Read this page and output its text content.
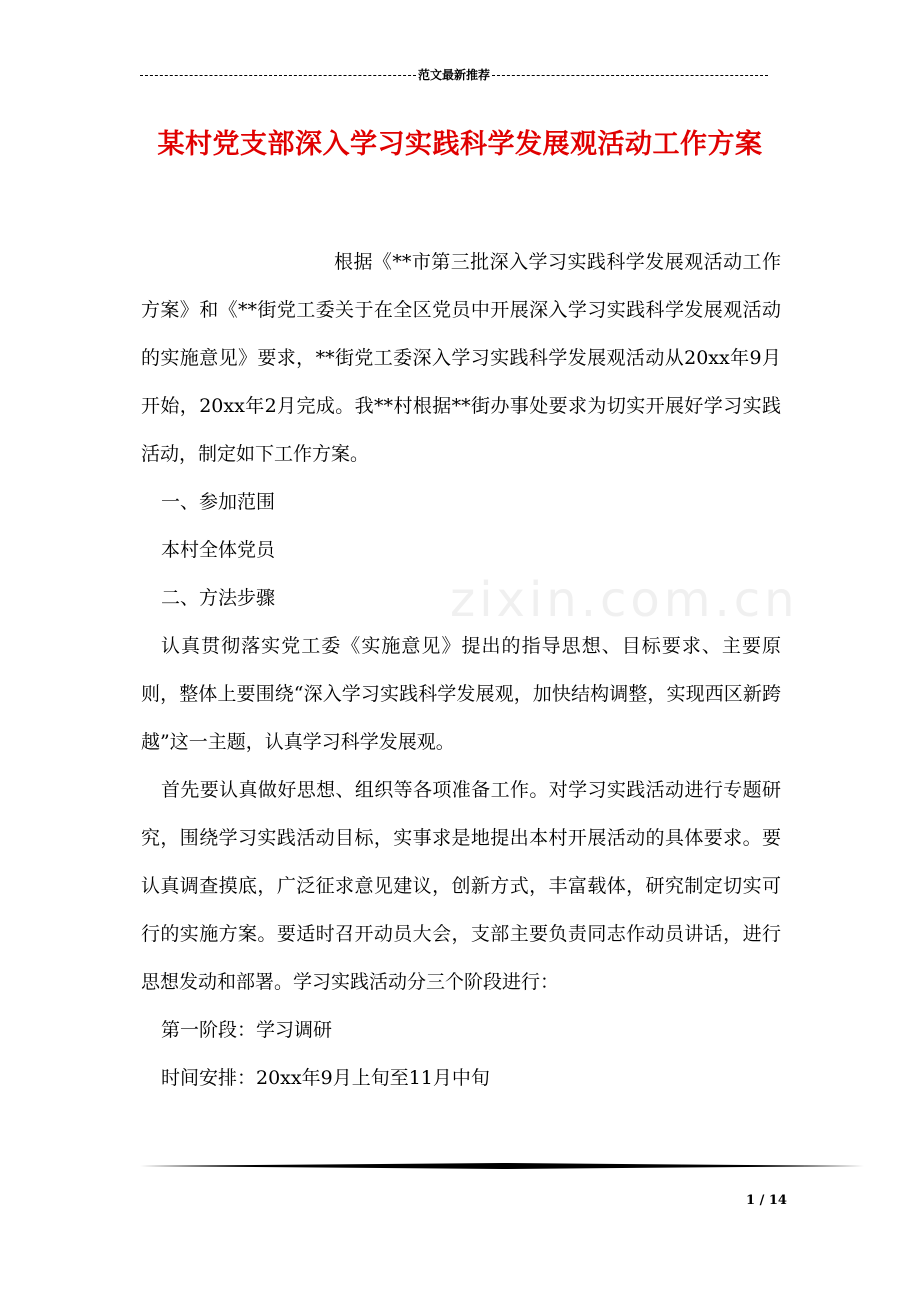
范文最新推荐
某村党支部深入学习实践科学发展观活动工作方案
zixin.com.cn

根据《**市第三批深入学习实践科学发展观活动工作方案》和《**街党工委关于在全区党员中开展深入学习实践科学发展观活动的实施意见》要求，**街党工委深入学习实践科学发展观活动从20xx年9月开始，20xx年2月完成。我**村根据**街办事处要求为切实开展好学习实践活动，制定如下工作方案。

一、参加范围

本村全体党员

二、方法步骤

认真贯彻落实党工委《实施意见》提出的指导思想、目标要求、主要原则，整体上要围绕“深入学习实践科学发展观，加快结构调整，实现西区新跨越”这一主题，认真学习科学发展观。

首先要认真做好思想、组织等各项准备工作。对学习实践活动进行专题研究，围绕学习实践活动目标，实事求是地提出本村开展活动的具体要求。要认真调查摸底，广泛征求意见建议，创新方式，丰富载体，研究制定切实可行的实施方案。要适时召开动员大会，支部主要负责同志作动员讲话，进行思想发动和部署。学习实践活动分三个阶段进行：

第一阶段：学习调研

时间安排：20xx年9月上旬至11月中旬

1 / 14
